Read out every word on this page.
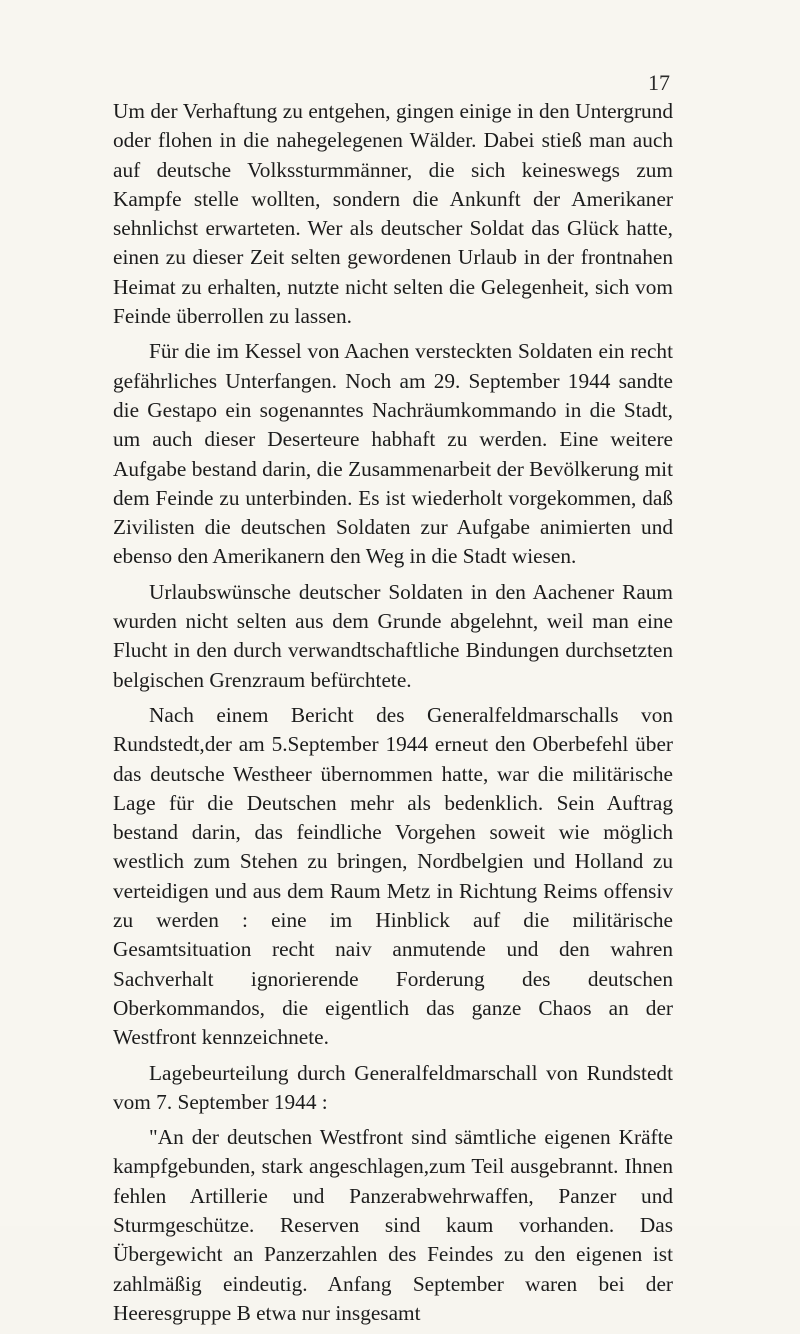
17

Um der Verhaftung zu entgehen, gingen einige in den Untergrund oder flohen in die nahegelegenen Wälder. Dabei stieß man auch auf deutsche Volkssturmmänner, die sich keineswegs zum Kampfe stelle wollten, sondern die Ankunft der Amerikaner sehnlichst erwarteten. Wer als deutscher Soldat das Glück hatte, einen zu dieser Zeit selten gewordenen Urlaub in der frontnahen Heimat zu erhalten, nutzte nicht selten die Gelegenheit, sich vom Feinde überrollen zu lassen.

Für die im Kessel von Aachen versteckten Soldaten ein recht gefährliches Unterfangen. Noch am 29. September 1944 sandte die Gestapo ein sogenanntes Nachräumkommando in die Stadt, um auch dieser Deserteure habhaft zu werden. Eine weitere Aufgabe bestand darin, die Zusammenarbeit der Bevölkerung mit dem Feinde zu unterbinden. Es ist wiederholt vorgekommen, daß Zivilisten die deutschen Soldaten zur Aufgabe animierten und ebenso den Amerikanern den Weg in die Stadt wiesen.

Urlaubswünsche deutscher Soldaten in den Aachener Raum wurden nicht selten aus dem Grunde abgelehnt, weil man eine Flucht in den durch verwandtschaftliche Bindungen durchsetzten belgischen Grenzraum befürchtete.

Nach einem Bericht des Generalfeldmarschalls von Rundstedt,der am 5.September 1944 erneut den Oberbefehl über das deutsche Westheer übernommen hatte, war die militärische Lage für die Deutschen mehr als bedenklich. Sein Auftrag bestand darin, das feindliche Vorgehen soweit wie möglich westlich zum Stehen zu bringen, Nordbelgien und Holland zu verteidigen und aus dem Raum Metz in Richtung Reims offensiv zu werden : eine im Hinblick auf die militärische Gesamtsituation recht naiv anmutende und den wahren Sachverhalt ignorierende Forderung des deutschen Oberkommandos, die eigentlich das ganze Chaos an der Westfront kennzeichnete.

Lagebeurteilung durch Generalfeldmarschall von Rundstedt vom 7. September 1944 :

"An der deutschen Westfront sind sämtliche eigenen Kräfte kampfgebunden, stark angeschlagen,zum Teil ausgebrannt. Ihnen fehlen Artillerie und Panzerabwehrwaffen, Panzer und Sturmgeschütze. Reserven sind kaum vorhanden. Das Übergewicht an Panzerzahlen des Feindes zu den eigenen ist zahlmäßig eindeutig. Anfang September waren bei der Heeresgruppe B etwa nur insgesamt
